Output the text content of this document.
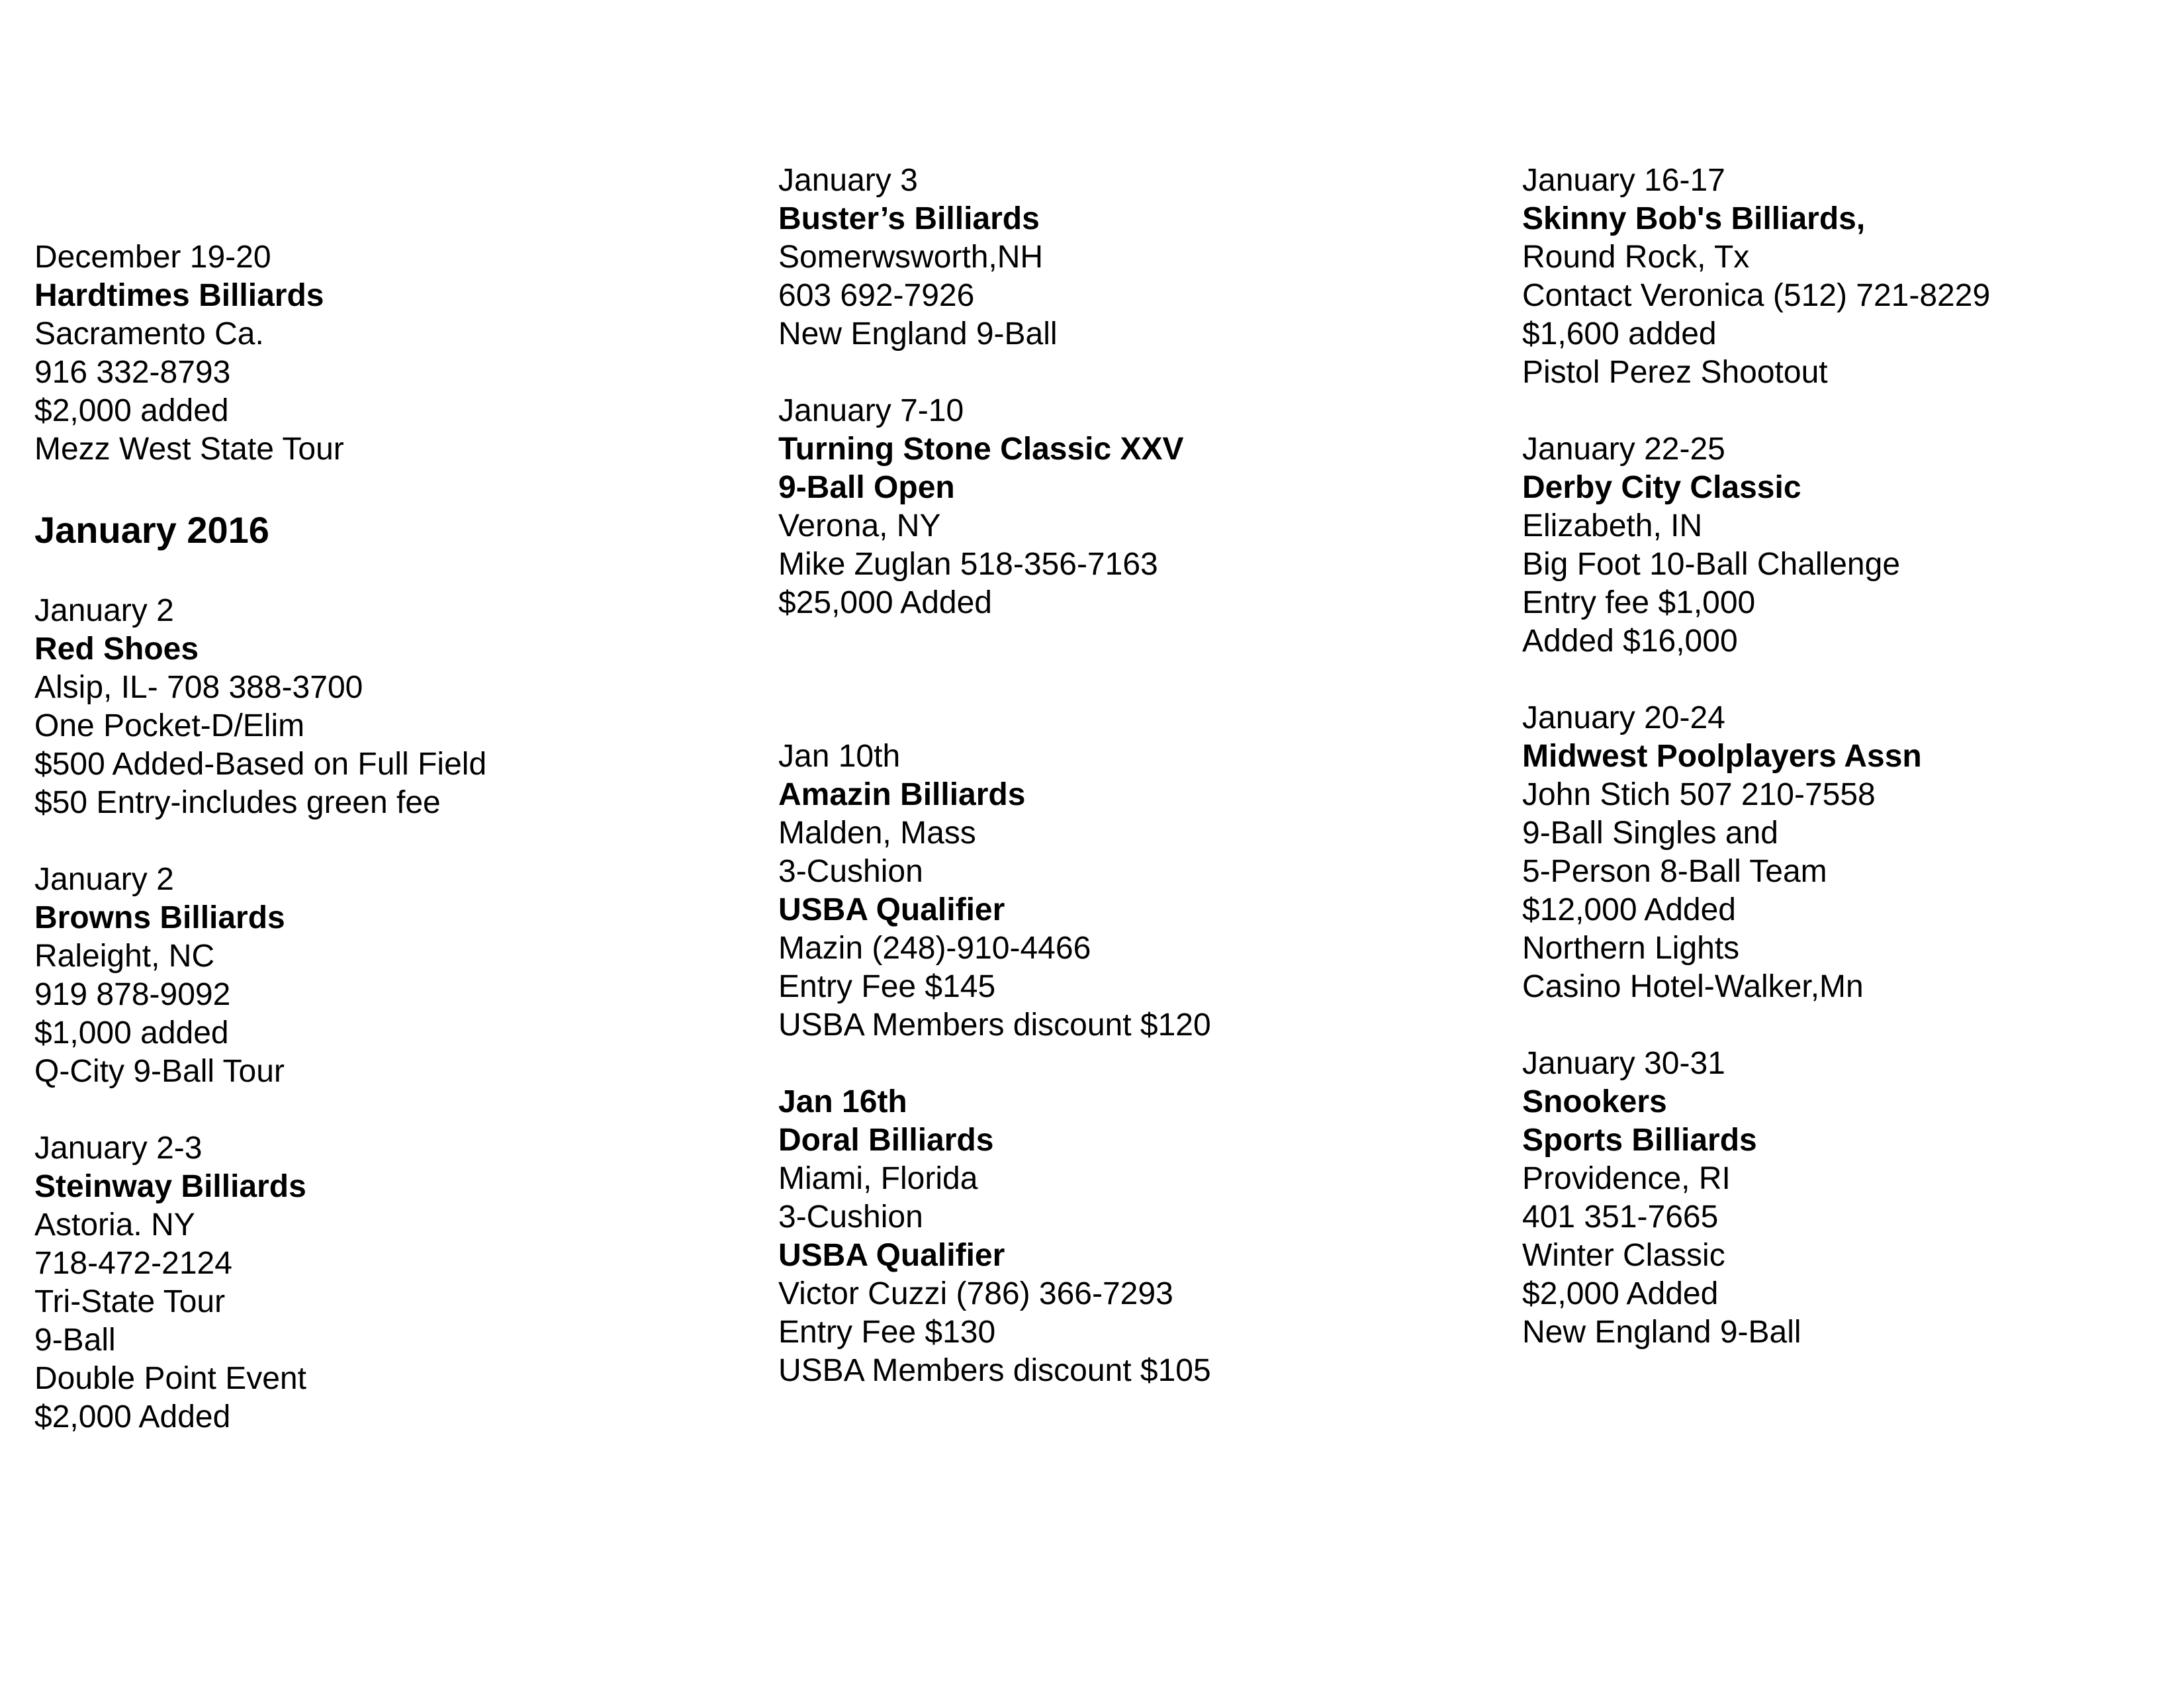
December 19-20
Hardtimes Billiards
Sacramento Ca.
916 332-8793
$2,000 added
Mezz West State Tour
January 2016
January 2
Red Shoes
Alsip, IL- 708 388-3700
One Pocket-D/Elim
$500 Added-Based on Full Field
$50 Entry-includes green fee
January 2
Browns Billiards
Raleight, NC
919 878-9092
$1,000 added
Q-City 9-Ball Tour
January 2-3
Steinway Billiards
Astoria. NY
718-472-2124
Tri-State Tour
9-Ball
Double Point Event
$2,000 Added
January 3
Buster’s Billiards
Somerwsworth,NH
603 692-7926
New England 9-Ball
January 7-10
Turning Stone Classic XXV
9-Ball Open
Verona, NY
Mike Zuglan 518-356-7163
$25,000 Added
Jan 10th
Amazin Billiards
Malden, Mass
3-Cushion
USBA Qualifier
Mazin (248)-910-4466
Entry Fee $145
USBA Members discount $120
Jan 16th
Doral Billiards
Miami, Florida
3-Cushion
USBA Qualifier
Victor Cuzzi (786) 366-7293
Entry Fee $130
USBA Members discount $105
January 16-17
Skinny Bob's Billiards,
Round Rock, Tx
Contact Veronica (512) 721-8229
$1,600 added
Pistol Perez Shootout
January 22-25
Derby City Classic
Elizabeth, IN
Big Foot 10-Ball Challenge
Entry fee $1,000
Added $16,000
January 20-24
Midwest Poolplayers Assn
John Stich 507 210-7558
9-Ball Singles and
5-Person 8-Ball Team
$12,000 Added
Northern Lights
Casino Hotel-Walker,Mn
January 30-31
Snookers
Sports Billiards
Providence, RI
401 351-7665
Winter Classic
$2,000 Added
New England 9-Ball
